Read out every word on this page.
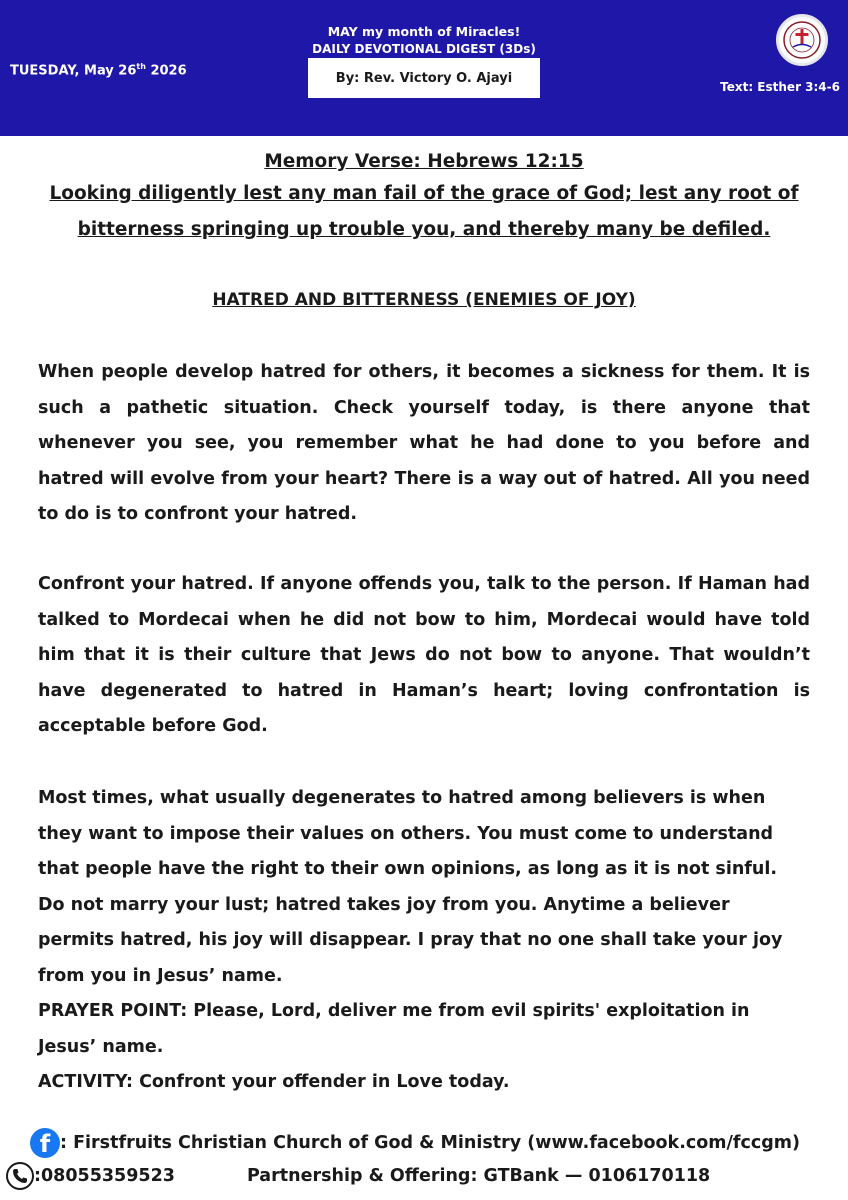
TUESDAY, May 26th 2026
MAY my month of Miracles!
DAILY DEVOTIONAL DIGEST (3Ds)
By: Rev. Victory O. Ajayi
Text: Esther 3:4-6
Memory Verse: Hebrews 12:15
Looking diligently lest any man fail of the grace of God; lest any root of bitterness springing up trouble you, and thereby many be defiled.
HATRED AND BITTERNESS (ENEMIES OF JOY)

When people develop hatred for others, it becomes a sickness for them. It is such a pathetic situation. Check yourself today, is there anyone that whenever you see, you remember what he had done to you before and hatred will evolve from your heart? There is a way out of hatred. All you need to do is to confront your hatred.

Confront your hatred. If anyone offends you, talk to the person. If Haman had talked to Mordecai when he did not bow to him, Mordecai would have told him that it is their culture that Jews do not bow to anyone. That wouldn’t have degenerated to hatred in Haman’s heart; loving confrontation is acceptable before God.

Most times, what usually degenerates to hatred among believers is when they want to impose their values on others. You must come to understand that people have the right to their own opinions, as long as it is not sinful.

Do not marry your lust; hatred takes joy from you. Anytime a believer permits hatred, his joy will disappear. I pray that no one shall take your joy from you in Jesus’ name.

PRAYER POINT: Please, Lord, deliver me from evil spirits' exploitation in Jesus’ name.

ACTIVITY: Confront your offender in Love today.

f : Firstfruits Christian Church of God & Ministry (www.facebook.com/fccgm)
:08055359523	Partnership & Offering: GTBank — 0106170118
